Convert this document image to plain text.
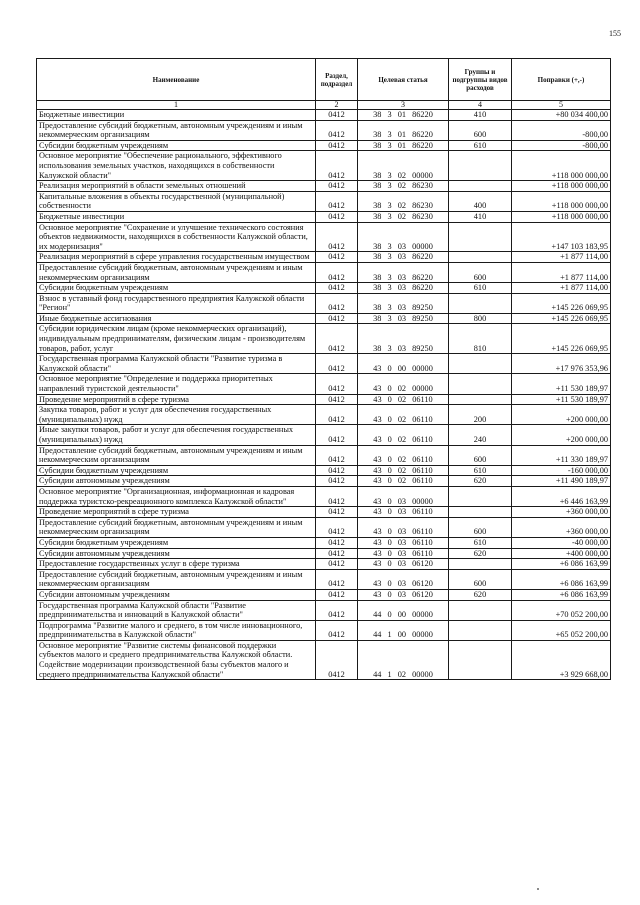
155
Наименование	Раздел, подраздел	Целевая статья	Группы и подгруппы видов расходов	Поправки (+,-)
1	2	3	4	5
Бюджетные инвестиции	0412	38 3 01 86220	410	+80 034 400,00
Предоставление субсидий бюджетным, автономным учреждениям и иным некоммерческим организациям	0412	38 3 01 86220	600	-800,00
Субсидии бюджетным учреждениям	0412	38 3 01 86220	610	-800,00
Основное мероприятие "Обеспечение рационального, эффективного использования земельных участков, находящихся в собственности Калужской области"	0412	38 3 02 00000		+118 000 000,00
Реализация мероприятий в области земельных отношений	0412	38 3 02 86230		+118 000 000,00
Капитальные вложения в объекты государственной (муниципальной) собственности	0412	38 3 02 86230	400	+118 000 000,00
Бюджетные инвестиции	0412	38 3 02 86230	410	+118 000 000,00
Основное мероприятие "Сохранение и улучшение технического состояния объектов недвижимости, находящихся в собственности Калужской области, их модернизация"	0412	38 3 03 00000		+147 103 183,95
Реализация мероприятий в сфере управления государственным имуществом	0412	38 3 03 86220		+1 877 114,00
Предоставление субсидий бюджетным, автономным учреждениям и иным некоммерческим организациям	0412	38 3 03 86220	600	+1 877 114,00
Субсидии бюджетным учреждениям	0412	38 3 03 86220	610	+1 877 114,00
Взнос в уставный фонд государственного предприятия Калужской области "Регион"	0412	38 3 03 89250		+145 226 069,95
Иные бюджетные ассигнования	0412	38 3 03 89250	800	+145 226 069,95
Субсидии юридическим лицам (кроме некоммерческих организаций), индивидуальным предпринимателям, физическим лицам - производителям товаров, работ, услуг	0412	38 3 03 89250	810	+145 226 069,95
Государственная программа Калужской области "Развитие туризма в Калужской области"	0412	43 0 00 00000		+17 976 353,96
Основное мероприятие "Определение и поддержка приоритетных направлений туристской деятельности"	0412	43 0 02 00000		+11 530 189,97
Проведение мероприятий в сфере туризма	0412	43 0 02 06110		+11 530 189,97
Закупка товаров, работ и услуг для обеспечения государственных (муниципальных) нужд	0412	43 0 02 06110	200	+200 000,00
Иные закупки товаров, работ и услуг для обеспечения государственных (муниципальных) нужд	0412	43 0 02 06110	240	+200 000,00
Предоставление субсидий бюджетным, автономным учреждениям и иным некоммерческим организациям	0412	43 0 02 06110	600	+11 330 189,97
Субсидии бюджетным учреждениям	0412	43 0 02 06110	610	-160 000,00
Субсидии автономным учреждениям	0412	43 0 02 06110	620	+11 490 189,97
Основное мероприятие "Организационная, информационная и кадровая поддержка туристско-рекреационного комплекса Калужской области"	0412	43 0 03 00000		+6 446 163,99
Проведение мероприятий в сфере туризма	0412	43 0 03 06110		+360 000,00
Предоставление субсидий бюджетным, автономным учреждениям и иным некоммерческим организациям	0412	43 0 03 06110	600	+360 000,00
Субсидии бюджетным учреждениям	0412	43 0 03 06110	610	-40 000,00
Субсидии автономным учреждениям	0412	43 0 03 06110	620	+400 000,00
Предоставление государственных услуг в сфере туризма	0412	43 0 03 06120		+6 086 163,99
Предоставление субсидий бюджетным, автономным учреждениям и иным некоммерческим организациям	0412	43 0 03 06120	600	+6 086 163,99
Субсидии автономным учреждениям	0412	43 0 03 06120	620	+6 086 163,99
Государственная программа Калужской области "Развитие предпринимательства и инноваций в Калужской области"	0412	44 0 00 00000		+70 052 200,00
Подпрограмма "Развитие малого и среднего, в том числе инновационного, предпринимательства в Калужской области"	0412	44 1 00 00000		+65 052 200,00
Основное мероприятие "Развитие системы финансовой поддержки субъектов малого и среднего предпринимательства Калужской области. Содействие модернизации производственной базы субъектов малого и среднего предпринимательства Калужской области"	0412	44 1 02 00000		+3 929 668,00
